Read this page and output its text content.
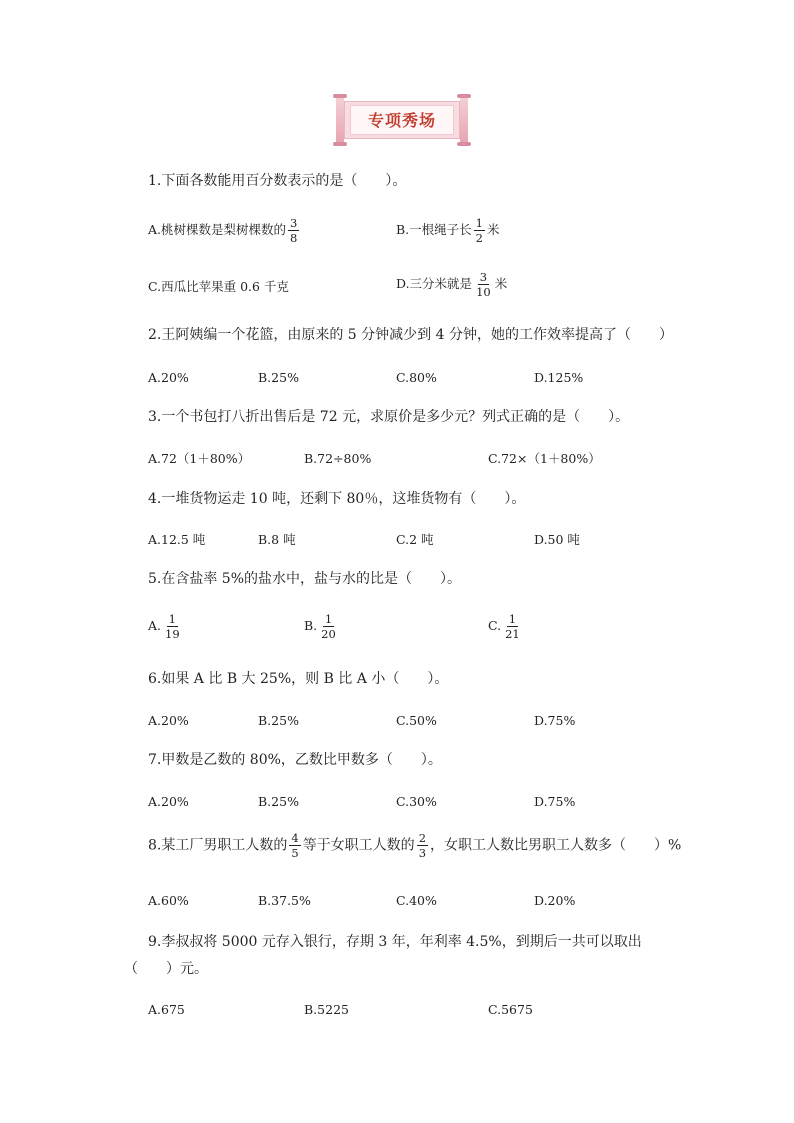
专项秀场
1.下面各数能用百分数表示的是（　　）。
A.桃树棵数是梨树棵数的 $\frac{3}{8}$	B.一根绳子长 $\frac{1}{2}$ 米
C.西瓜比苹果重 0.6 千克	D.三分米就是 $\frac{3}{10}$ 米
2.王阿姨编一个花篮，由原来的 5 分钟减少到 4 分钟，她的工作效率提高了（　　）
A.20%	B.25%	C.80%	D.125%
3.一个书包打八折出售后是 72 元，求原价是多少元？列式正确的是（　　）。
A.72（1＋80%）	B.72÷80%	C.72×（1＋80%）
4.一堆货物运走 10 吨，还剩下 80％，这堆货物有（　　）。
A.12.5 吨	B.8 吨	C.2 吨	D.50 吨
5.在含盐率 5%的盐水中，盐与水的比是（　　）。
A. $\frac{1}{19}$	B. $\frac{1}{20}$	C. $\frac{1}{21}$
6.如果 A 比 B 大 25%，则 B 比 A 小（　　）。
A.20%	B.25%	C.50%	D.75%
7.甲数是乙数的 80%，乙数比甲数多（　　）。
A.20%	B.25%	C.30%	D.75%
8.某工厂男职工人数的 $\frac{4}{5}$ 等于女职工人数的 $\frac{2}{3}$ ，女职工人数比男职工人数多（　　）%
A.60%	B.37.5%	C.40%	D.20%
9.李叔叔将 5000 元存入银行，存期 3 年，年利率 4.5%，到期后一共可以取出
（　　）元。
A.675	B.5225	C.5675
